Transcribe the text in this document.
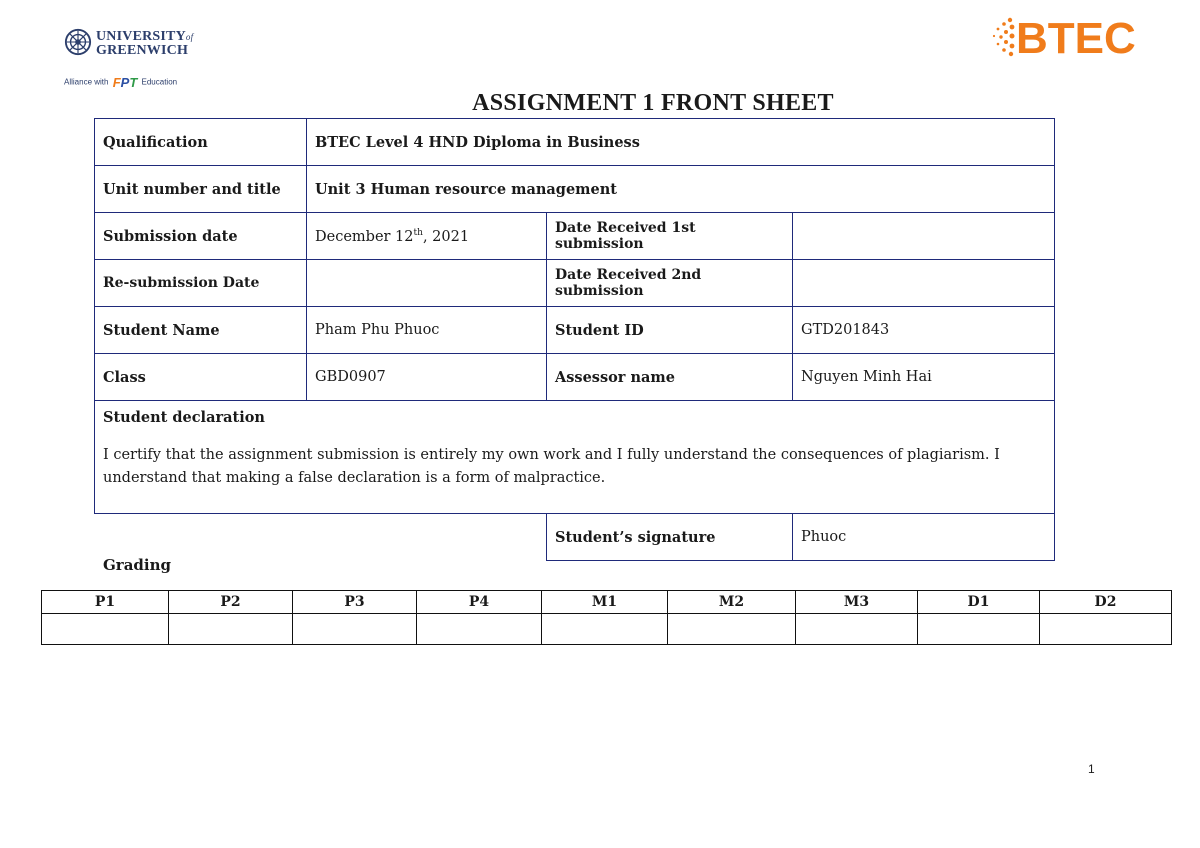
UNIVERSITYof
GREENWICH
Alliance with FPT Education
BTEC
ASSIGNMENT 1 FRONT SHEET
Qualification	BTEC Level 4 HND Diploma in Business		
Unit number and title	Unit 3 Human resource management		
Submission date	December 12th, 2021	Date Received 1st submission	
Re-submission Date		Date Received 2nd submission	
Student Name	Pham Phu Phuoc	Student ID	GTD201843
Class	GBD0907	Assessor name	Nguyen Minh Hai

Student declaration
I certify that the assignment submission is entirely my own work and I fully understand the consequences of plagiarism. I understand that making a false declaration is a form of malpractice.			

		Student’s signature	Phuoc
Grading
P1	P2	P3	P4	M1	M2	M3	D1	D2

1
